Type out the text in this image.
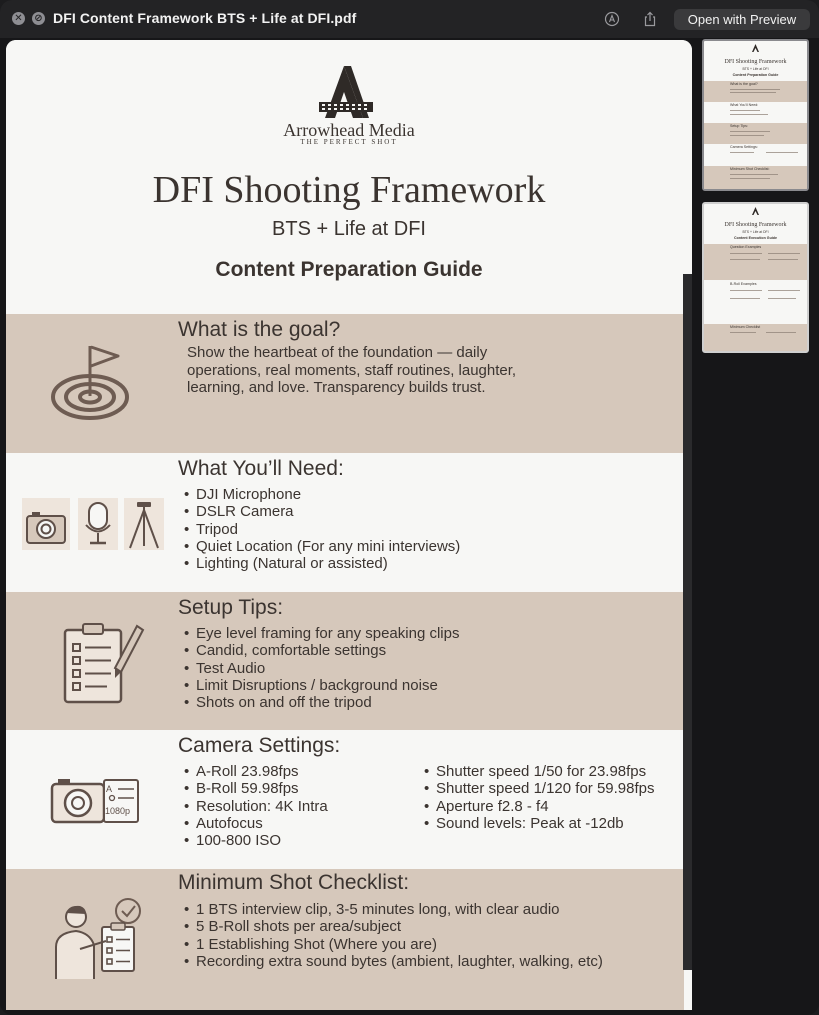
✕ ⊘ DFI Content Framework BTS + Life at DFI.pdf	Open with Preview
Arrowhead Media
THE PERFECT SHOT
DFI Shooting Framework
BTS + Life at DFI
Content Preparation Guide
What is the goal?
Show the heartbeat of the foundation — daily operations, real moments, staff routines, laughter, learning, and love. Transparency builds trust.
What You’ll Need:
• DJI Microphone
• DSLR Camera
• Tripod
• Quiet Location (For any mini interviews)
• Lighting (Natural or assisted)
Setup Tips:
• Eye level framing for any speaking clips
• Candid, comfortable settings
• Test Audio
• Limit Disruptions / background noise
• Shots on and off the tripod
A
1080p
Camera Settings:
• A-Roll 23.98fps
• B-Roll 59.98fps
• Resolution: 4K Intra
• Autofocus
• 100-800 ISO
• Shutter speed 1/50 for 23.98fps
• Shutter speed 1/120 for 59.98fps
• Aperture f2.8 - f4
• Sound levels: Peak at -12db
Minimum Shot Checklist:
• 1 BTS interview clip, 3-5 minutes long, with clear audio
• 5 B-Roll shots per area/subject
• 1 Establishing Shot (Where you are)
• Recording extra sound bytes (ambient, laughter, walking, etc)
DFI Shooting Framework
BTS + Life at DFI
Content Preparation Guide
What is the goal?
What You'll Need:
Setup Tips:
Camera Settings:
Minimum Shot Checklist:
DFI Shooting Framework
BTS + Life at DFI
Content Execution Guide
Question Examples
B-Roll Examples
Minimum Checklist
